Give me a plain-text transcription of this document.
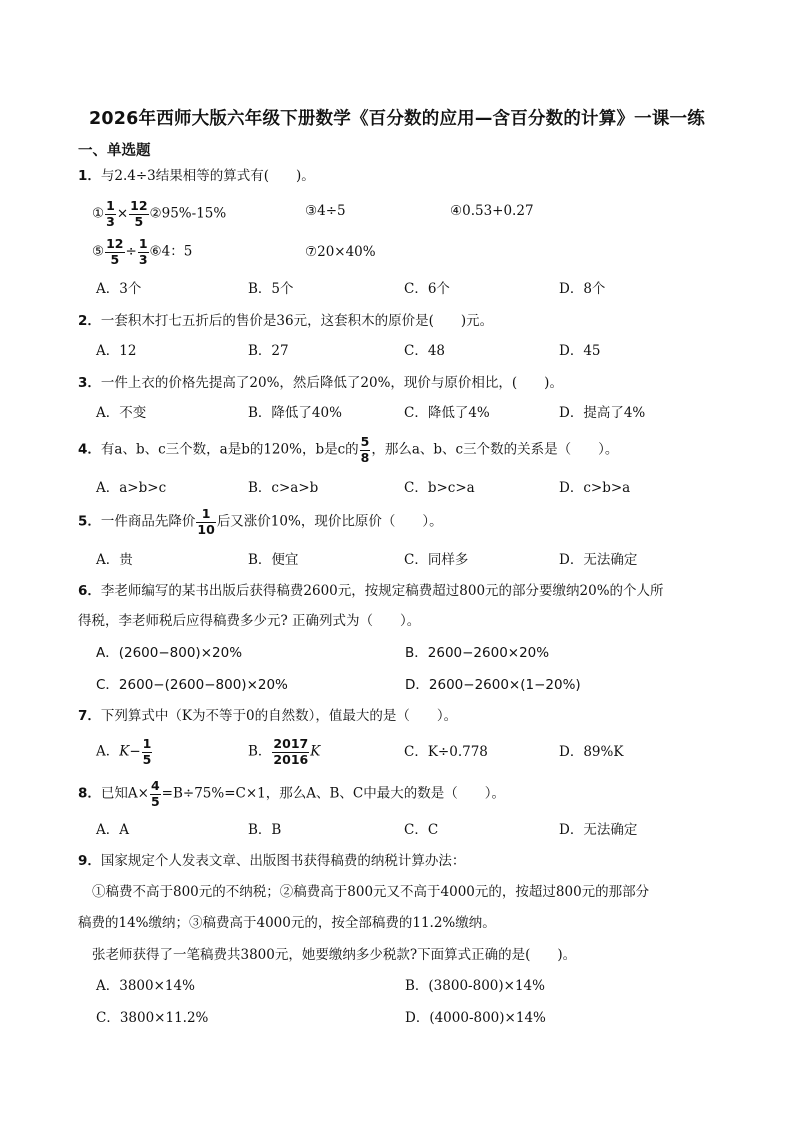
2026年西师大版六年级下册数学《百分数的应用—含百分数的计算》一课一练
一、单选题
1．与2.4÷3结果相等的算式有(　　)。
① $\frac{1}{3} \times \frac{12}{5}$ ②95%-15%	③4÷5	④0.53+0.27
⑤ $\frac{12}{5} \div \frac{1}{3}$ ⑥4：5	⑦20×40%
A．3个	B．5个	C．6个	D．8个
2．一套积木打七五折后的售价是36元，这套积木的原价是(　　)元。
A．12	B．27	C．48	D．45
3．一件上衣的价格先提高了20%，然后降低了20%，现价与原价相比，(　　)。
A．不变	B．降低了40%	C．降低了4%	D．提高了4%
4．有a、b、c三个数，a是b的120%，b是c的 $\frac{5}{8}$ ，那么a、b、c三个数的关系是（　　）。
A．a>b>c	B．c>a>b	C．b>c>a	D．c>b>a
5．一件商品先降价 $\frac{1}{10}$ 后又涨价10%，现价比原价（　　）。
A．贵	B．便宜	C．同样多	D．无法确定
6．李老师编写的某书出版后获得稿费2600元，按规定稿费超过800元的部分要缴纳20%的个人所
得税，李老师税后应得稿费多少元? 正确列式为（　　）。
A．(2600−800)×20%	B．2600−2600×20%
C．2600−(2600−800)×20%	D．2600−2600×(1−20%)
7．下列算式中（K为不等于0的自然数），值最大的是（　　）。
A．$K- \frac{1}{5}$	B． $\frac{2017}{2016}$ K	C．K÷0.778	D．89%K
8．已知$A\times \frac{4}{5} =B\div 75\%=C\times 1$，那么A、B、C中最大的数是（　　）。
A．A	B．B	C．C	D．无法确定
9．国家规定个人发表文章、出版图书获得稿费的纳税计算办法：
①稿费不高于800元的不纳税；②稿费高于800元又不高于4000元的，按超过800元的那部分
稿费的14%缴纳；③稿费高于4000元的，按全部稿费的11.2%缴纳。
张老师获得了一笔稿费共3800元，她要缴纳多少税款?下面算式正确的是(　　)。
A．3800×14%	B．(3800-800)×14%
C．3800×11.2%	D．(4000-800)×14%
